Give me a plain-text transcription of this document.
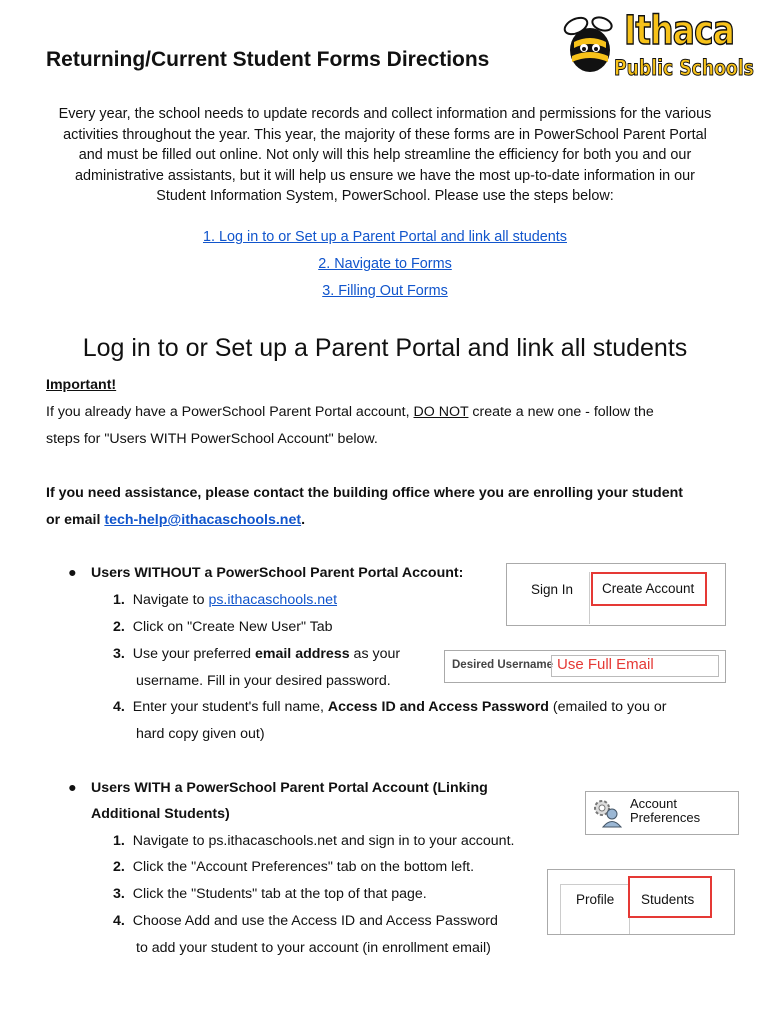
Returning/Current Student Forms Directions
Ithaca
Public Schools
Every year, the school needs to update records and collect information and permissions for the various activities throughout the year. This year, the majority of these forms are in PowerSchool Parent Portal and must be filled out online. Not only will this help streamline the efficiency for both you and our administrative assistants, but it will help us ensure we have the most up-to-date information in our Student Information System, PowerSchool. Please use the steps below:
1. Log in to or Set up a Parent Portal and link all students
2. Navigate to Forms
3. Filling Out Forms
Log in to or Set up a Parent Portal and link all students
Important!
If you already have a PowerSchool Parent Portal account, DO NOT create a new one - follow the
steps for "Users WITH PowerSchool Account" below.
If you need assistance, please contact the building office where you are enrolling your student
or email tech-help@ithacaschools.net.
● Users WITHOUT a PowerSchool Parent Portal Account:
1. Navigate to ps.ithacaschools.net
2. Click on "Create New User" Tab
3. Use your preferred email address as your
username. Fill in your desired password.
4. Enter your student's full name, Access ID and Access Password (emailed to you or
hard copy given out)
Sign In Create Account
Desired Username Use Full Email
● Users WITH a PowerSchool Parent Portal Account (Linking
Additional Students)
1. Navigate to ps.ithacaschools.net and sign in to your account.
2. Click the "Account Preferences" tab on the bottom left.
3. Click the "Students" tab at the top of that page.
4. Choose Add and use the Access ID and Access Password
to add your student to your account (in enrollment email)
Account
Preferences
Profile Students
